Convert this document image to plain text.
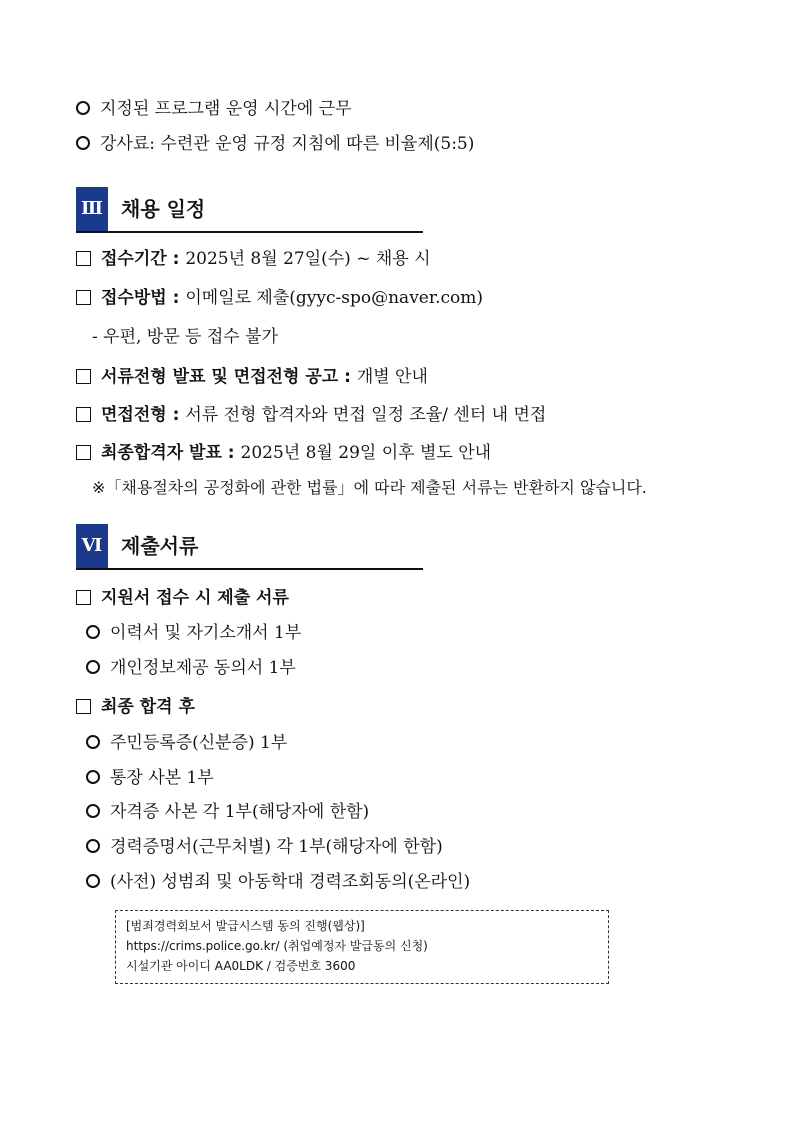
지정된 프로그램 운영 시간에 근무
강사료: 수련관 운영 규정 지침에 따른 비율제(5:5)
Ⅲ 채용 일정
접수기간 : 2025년 8월 27일(수) ~ 채용 시
접수방법 : 이메일로 제출(gyyc-spo@naver.com)
- 우편, 방문 등 접수 불가
서류전형 발표 및 면접전형 공고 : 개별 안내
면접전형 : 서류 전형 합격자와 면접 일정 조율/ 센터 내 면접
최종합격자 발표 : 2025년 8월 29일 이후 별도 안내
※「채용절차의 공정화에 관한 법률」에 따라 제출된 서류는 반환하지 않습니다.
Ⅵ 제출서류
지원서 접수 시 제출 서류
이력서 및 자기소개서 1부
개인정보제공 동의서 1부
최종 합격 후
주민등록증(신분증) 1부
통장 사본 1부
자격증 사본 각 1부(해당자에 한함)
경력증명서(근무처별) 각 1부(해당자에 한함)
(사전) 성범죄 및 아동학대 경력조회동의(온라인)
[범죄경력회보서 발급시스템 동의 진행(웹상)]
https://crims.police.go.kr/ (취업예정자 발급동의 신청)
시설기관 아이디 AA0LDK / 검증번호 3600
